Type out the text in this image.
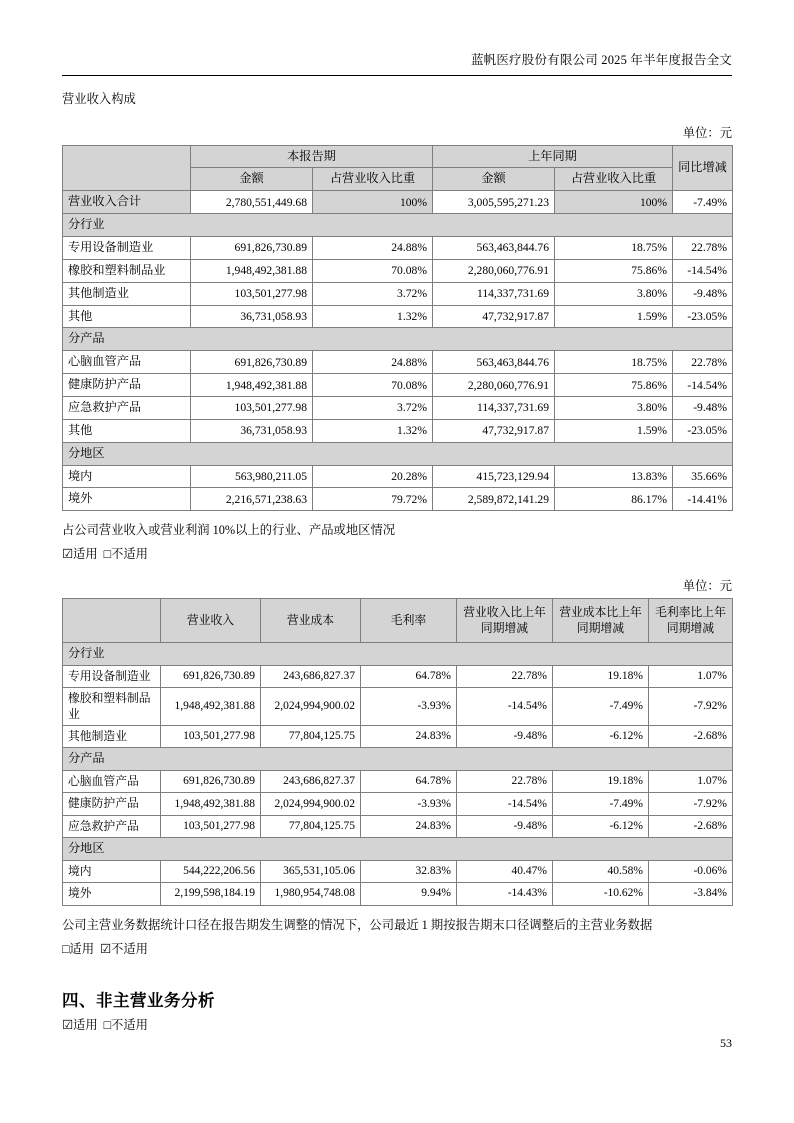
蓝帆医疗股份有限公司 2025 年半年度报告全文

营业收入构成

单位：元

	本报告期		上年同期		同比增减
	金额	占营业收入比重	金额	占营业收入比重	
营业收入合计	2,780,551,449.68	100%	3,005,595,271.23	100%	-7.49%
分行业					
专用设备制造业	691,826,730.89	24.88%	563,463,844.76	18.75%	22.78%
橡胶和塑料制品业	1,948,492,381.88	70.08%	2,280,060,776.91	75.86%	-14.54%
其他制造业	103,501,277.98	3.72%	114,337,731.69	3.80%	-9.48%
其他	36,731,058.93	1.32%	47,732,917.87	1.59%	-23.05%
分产品					
心脑血管产品	691,826,730.89	24.88%	563,463,844.76	18.75%	22.78%
健康防护产品	1,948,492,381.88	70.08%	2,280,060,776.91	75.86%	-14.54%
应急救护产品	103,501,277.98	3.72%	114,337,731.69	3.80%	-9.48%
其他	36,731,058.93	1.32%	47,732,917.87	1.59%	-23.05%
分地区					
境内	563,980,211.05	20.28%	415,723,129.94	13.83%	35.66%
境外	2,216,571,238.63	79.72%	2,589,872,141.29	86.17%	-14.41%

占公司营业收入或营业利润 10%以上的行业、产品或地区情况

☑适用 □不适用

单位：元

	营业收入	营业成本	毛利率	营业收入比上年同期增减	营业成本比上年同期增减	毛利率比上年同期增减
分行业						
专用设备制造业	691,826,730.89	243,686,827.37	64.78%	22.78%	19.18%	1.07%
橡胶和塑料制品业	1,948,492,381.88	2,024,994,900.02	-3.93%	-14.54%	-7.49%	-7.92%
其他制造业	103,501,277.98	77,804,125.75	24.83%	-9.48%	-6.12%	-2.68%
分产品						
心脑血管产品	691,826,730.89	243,686,827.37	64.78%	22.78%	19.18%	1.07%
健康防护产品	1,948,492,381.88	2,024,994,900.02	-3.93%	-14.54%	-7.49%	-7.92%
应急救护产品	103,501,277.98	77,804,125.75	24.83%	-9.48%	-6.12%	-2.68%
分地区						
境内	544,222,206.56	365,531,105.06	32.83%	40.47%	40.58%	-0.06%
境外	2,199,598,184.19	1,980,954,748.08	9.94%	-14.43%	-10.62%	-3.84%

公司主营业务数据统计口径在报告期发生调整的情况下，公司最近 1 期按报告期末口径调整后的主营业务数据

□适用 ☑不适用

四、非主营业务分析

☑适用 □不适用

53
